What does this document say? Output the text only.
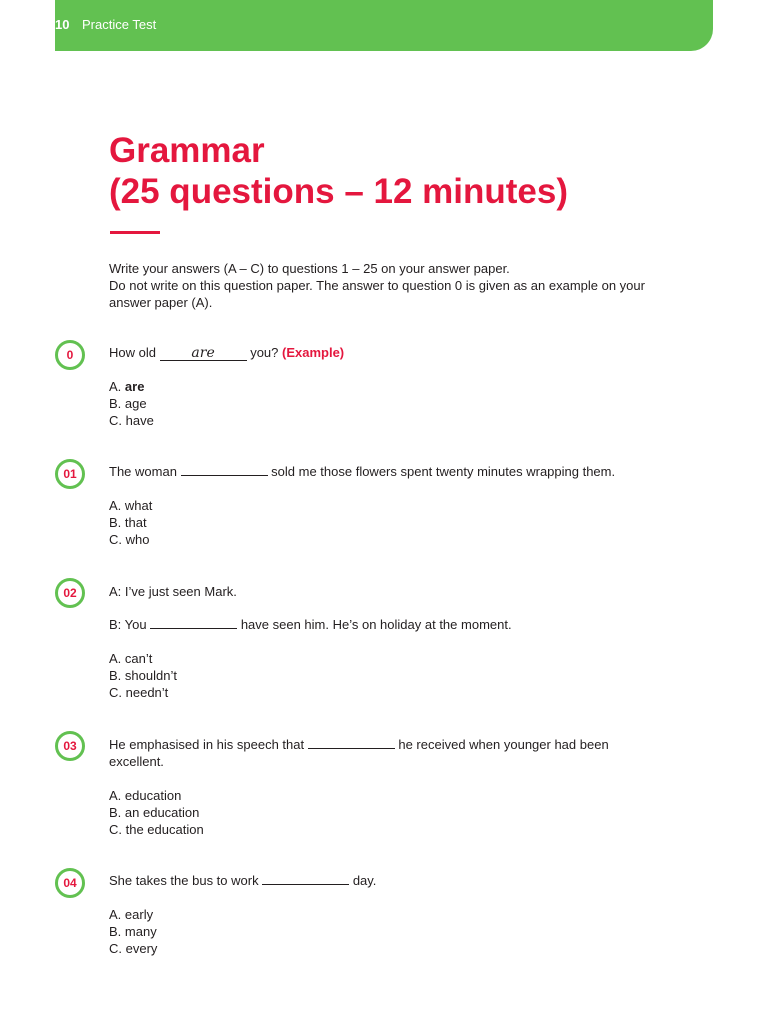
10 Practice Test
Grammar
(25 questions – 12 minutes)

Write your answers (A – C) to questions 1 – 25 on your answer paper.

Do not write on this question paper. The answer to question 0 is given as an example on your answer paper (A).

0	How old are you? (Example)

A. are
B. age
C. have
01	The woman	sold me those flowers spent twenty minutes wrapping them.

A. what
B. that
C. who
02	A: I’ve just seen Mark.

B: You	have seen him. He’s on holiday at the moment.

A. can’t
B. shouldn’t
C. needn’t
03	He emphasised in his speech that	he received when younger had been excellent.

A. education
B. an education
C. the education
04	She takes the bus to work	day.

A. early
B. many
C. every
